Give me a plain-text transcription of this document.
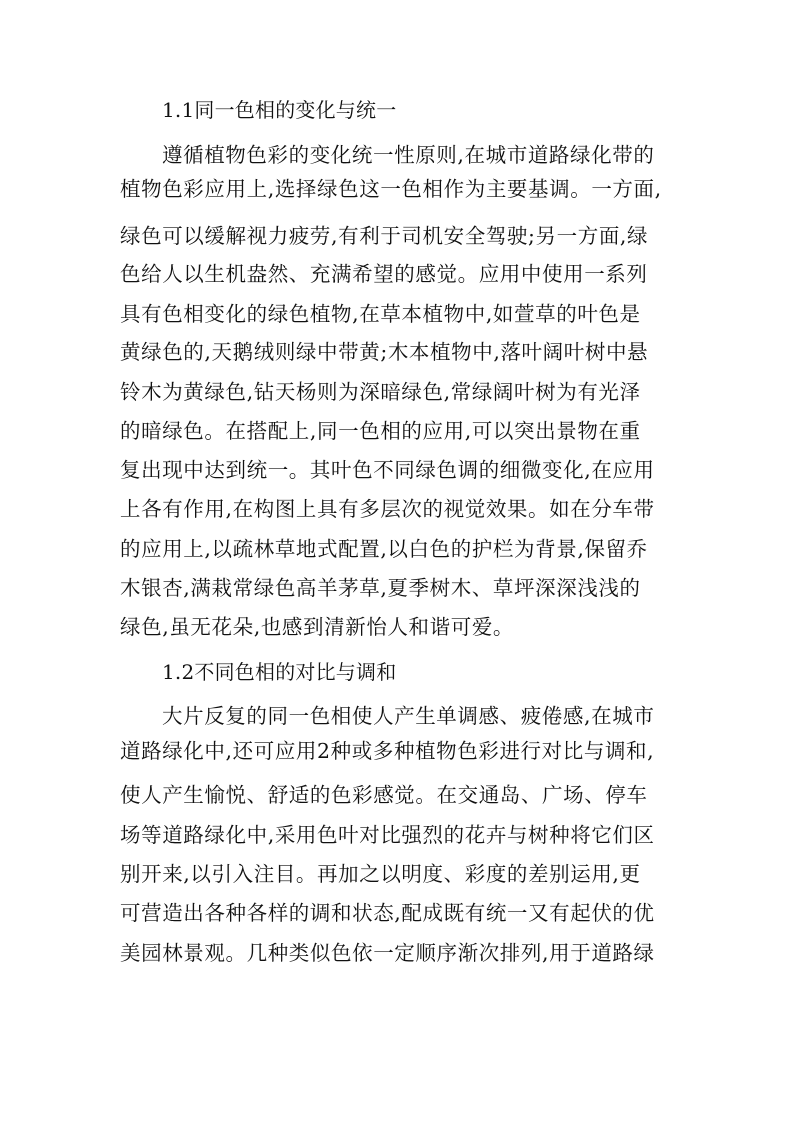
1.1同一色相的变化与统一
遵循植物色彩的变化统一性原则,在城市道路绿化带的
植物色彩应用上,选择绿色这一色相作为主要基调。一方面,
绿色可以缓解视力疲劳,有利于司机安全驾驶;另一方面,绿
色给人以生机盎然、充满希望的感觉。应用中使用一系列
具有色相变化的绿色植物,在草本植物中,如萱草的叶色是
黄绿色的,天鹅绒则绿中带黄;木本植物中,落叶阔叶树中悬
铃木为黄绿色,钻天杨则为深暗绿色,常绿阔叶树为有光泽
的暗绿色。在搭配上,同一色相的应用,可以突出景物在重
复出现中达到统一。其叶色不同绿色调的细微变化,在应用
上各有作用,在构图上具有多层次的视觉效果。如在分车带
的应用上,以疏林草地式配置,以白色的护栏为背景,保留乔
木银杏,满栽常绿色高羊茅草,夏季树木、草坪深深浅浅的
绿色,虽无花朵,也感到清新怡人和谐可爱。
1.2不同色相的对比与调和
大片反复的同一色相使人产生单调感、疲倦感,在城市
道路绿化中,还可应用2种或多种植物色彩进行对比与调和,
使人产生愉悦、舒适的色彩感觉。在交通岛、广场、停车
场等道路绿化中,采用色叶对比强烈的花卉与树种将它们区
别开来,以引入注目。再加之以明度、彩度的差别运用,更
可营造出各种各样的调和状态,配成既有统一又有起伏的优
美园林景观。几种类似色依一定顺序渐次排列,用于道路绿
